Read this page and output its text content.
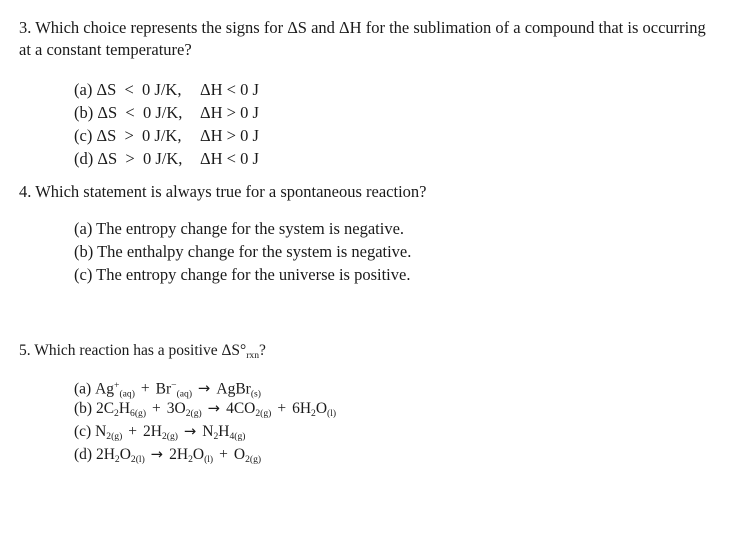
3. Which choice represents the signs for ΔS and ΔH for the sublimation of a compound that is occurring at a constant temperature?
(a) ΔS  <  0 J/K, ΔH < 0 J
(b) ΔS  <  0 J/K, ΔH > 0 J
(c) ΔS  >  0 J/K, ΔH > 0 J
(d) ΔS  >  0 J/K, ΔH < 0 J
4. Which statement is always true for a spontaneous reaction?
(a) The entropy change for the system is negative.
(b) The enthalpy change for the system is negative.
(c) The entropy change for the universe is positive.
5. Which reaction has a positive $\Delta S^\circ_{rxn}$?
(a) $Ag^+_{(aq)} + Br^-_{(aq)}$ → AgBr$_{(s)}$
(b) $2C_2H_{6(g)} + 3O_{2(g)} \to 4CO_{2(g)} + 6H_2O_{(l)}$
(c) $N_{2(g)} + 2H_{2(g)} \to N_2H_{4(g)}$
(d) $2H_2O_{2(l)} \to 2H_2O_{(l)} + O_{2(g)}$
